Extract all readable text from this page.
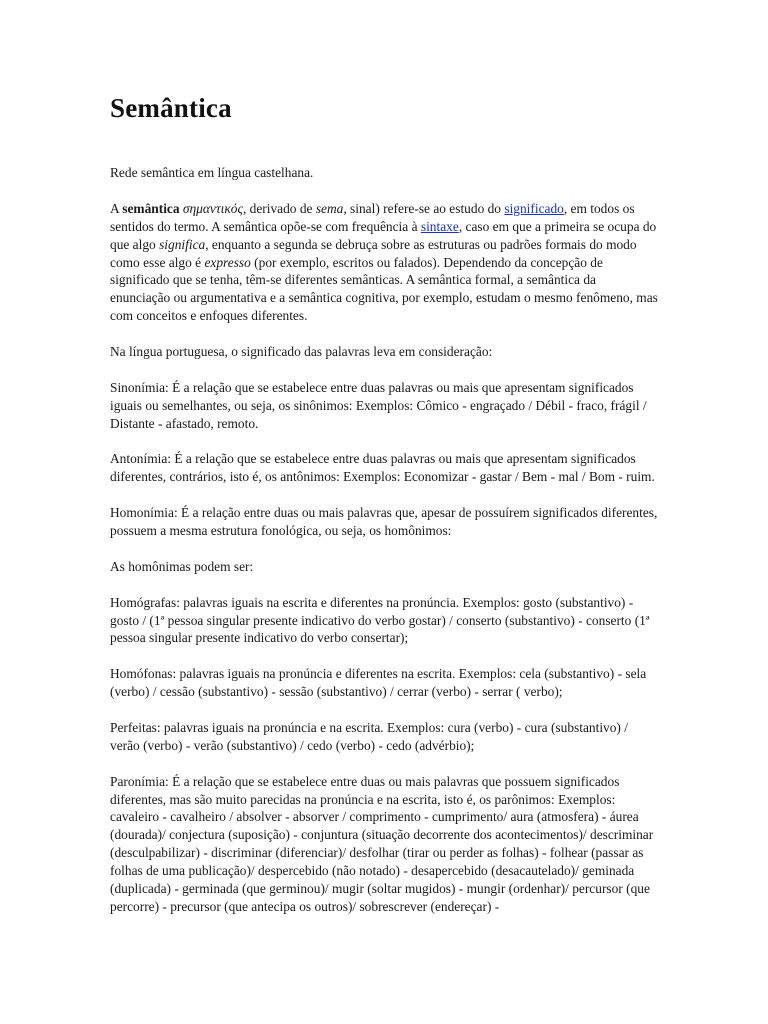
Semântica

Rede semântica em língua castelhana.

A semântica σημαντικός, derivado de sema, sinal) refere-se ao estudo do significado, em todos os sentidos do termo. A semântica opõe-se com frequência à sintaxe, caso em que a primeira se ocupa do que algo significa, enquanto a segunda se debruça sobre as estruturas ou padrões formais do modo como esse algo é expresso (por exemplo, escritos ou falados). Dependendo da concepção de significado que se tenha, têm-se diferentes semânticas. A semântica formal, a semântica da enunciação ou argumentativa e a semântica cognitiva, por exemplo, estudam o mesmo fenômeno, mas com conceitos e enfoques diferentes.

Na língua portuguesa, o significado das palavras leva em consideração:

Sinonímia: É a relação que se estabelece entre duas palavras ou mais que apresentam significados iguais ou semelhantes, ou seja, os sinônimos: Exemplos: Cômico - engraçado / Débil - fraco, frágil / Distante - afastado, remoto.

Antonímia: É a relação que se estabelece entre duas palavras ou mais que apresentam significados diferentes, contrários, isto é, os antônimos: Exemplos: Economizar - gastar / Bem - mal / Bom - ruim.

Homonímia: É a relação entre duas ou mais palavras que, apesar de possuírem significados diferentes, possuem a mesma estrutura fonológica, ou seja, os homônimos:

As homônimas podem ser:

Homógrafas: palavras iguais na escrita e diferentes na pronúncia. Exemplos: gosto (substantivo) - gosto / (1ª pessoa singular presente indicativo do verbo gostar) / conserto (substantivo) - conserto (1ª pessoa singular presente indicativo do verbo consertar);

Homófonas: palavras iguais na pronúncia e diferentes na escrita. Exemplos: cela (substantivo) - sela (verbo) / cessão (substantivo) - sessão (substantivo) / cerrar (verbo) - serrar ( verbo);

Perfeitas: palavras iguais na pronúncia e na escrita. Exemplos: cura (verbo) - cura (substantivo) / verão (verbo) - verão (substantivo) / cedo (verbo) - cedo (advérbio);

Paronímia: É a relação que se estabelece entre duas ou mais palavras que possuem significados diferentes, mas são muito parecidas na pronúncia e na escrita, isto é, os parônimos: Exemplos: cavaleiro - cavalheiro / absolver - absorver / comprimento - cumprimento/ aura (atmosfera) - áurea (dourada)/ conjectura (suposição) - conjuntura (situação decorrente dos acontecimentos)/ descriminar (desculpabilizar) - discriminar (diferenciar)/ desfolhar (tirar ou perder as folhas) - folhear (passar as folhas de uma publicação)/ despercebido (não notado) - desapercebido (desacautelado)/ geminada (duplicada) - germinada (que germinou)/ mugir (soltar mugidos) - mungir (ordenhar)/ percursor (que percorre) - precursor (que antecipa os outros)/ sobrescrever (endereçar) -
